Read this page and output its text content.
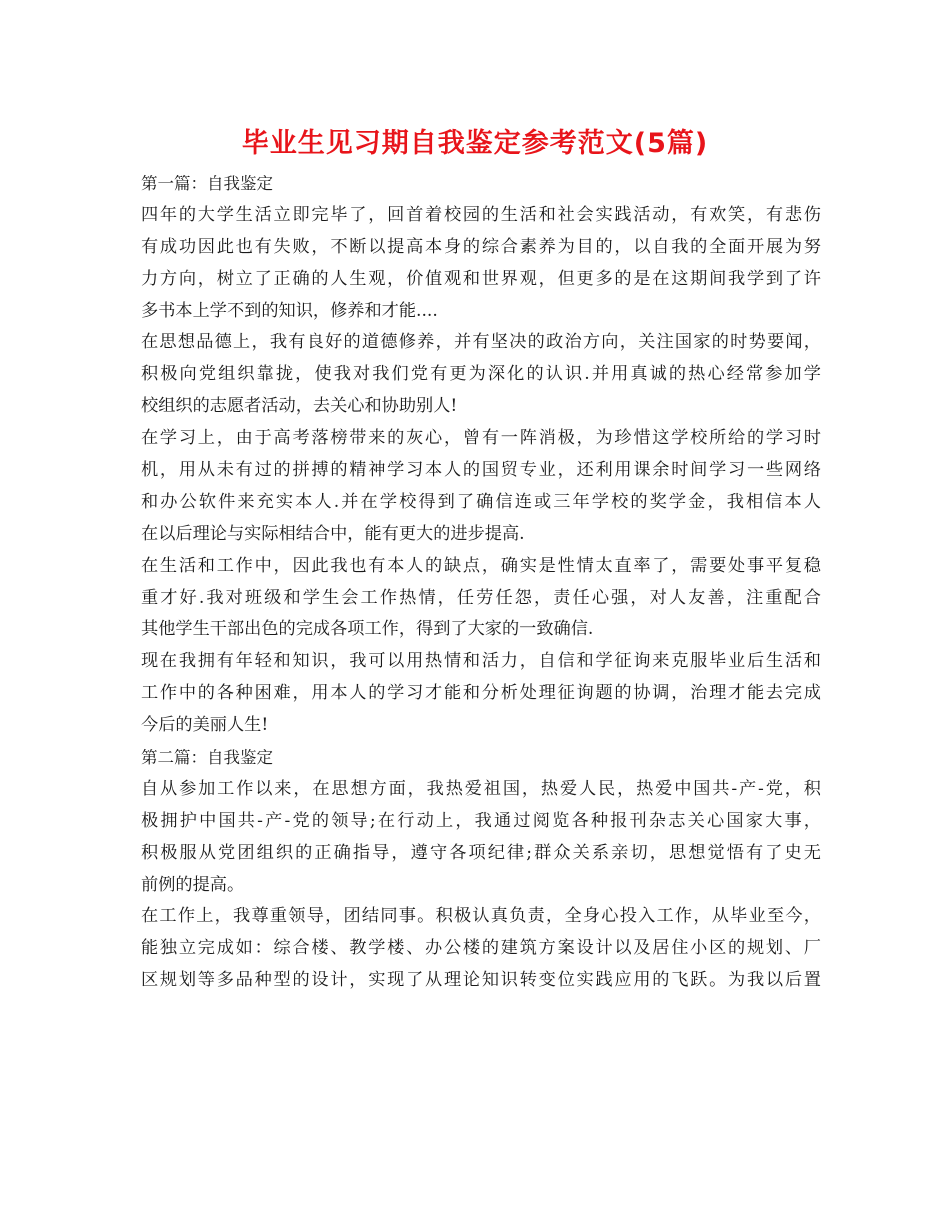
毕业生见习期自我鉴定参考范文(5篇)
第一篇：自我鉴定
四年的大学生活立即完毕了，回首着校园的生活和社会实践活动，有欢笑，有悲伤
有成功因此也有失败，不断以提高本身的综合素养为目的，以自我的全面开展为努
力方向，树立了正确的人生观，价值观和世界观，但更多的是在这期间我学到了许
多书本上学不到的知识，修养和才能....
在思想品德上，我有良好的道德修养，并有坚决的政治方向，关注国家的时势要闻，
积极向党组织靠拢，使我对我们党有更为深化的认识.并用真诚的热心经常参加学
校组织的志愿者活动，去关心和协助别人!
在学习上，由于高考落榜带来的灰心，曾有一阵消极，为珍惜这学校所给的学习时
机，用从未有过的拼搏的精神学习本人的国贸专业，还利用课余时间学习一些网络
和办公软件来充实本人.并在学校得到了确信连或三年学校的奖学金，我相信本人
在以后理论与实际相结合中，能有更大的进步提高.
在生活和工作中，因此我也有本人的缺点，确实是性情太直率了，需要处事平复稳
重才好.我对班级和学生会工作热情，任劳任怨，责任心强，对人友善，注重配合
其他学生干部出色的完成各项工作，得到了大家的一致确信.
现在我拥有年轻和知识，我可以用热情和活力，自信和学征询来克服毕业后生活和
工作中的各种困难，用本人的学习才能和分析处理征询题的协调，治理才能去完成
今后的美丽人生!
第二篇：自我鉴定
自从参加工作以来，在思想方面，我热爱祖国，热爱人民，热爱中国共-产-党，积
极拥护中国共-产-党的领导;在行动上，我通过阅览各种报刊杂志关心国家大事，
积极服从党团组织的正确指导，遵守各项纪律;群众关系亲切，思想觉悟有了史无
前例的提高。
在工作上，我尊重领导，团结同事。积极认真负责，全身心投入工作，从毕业至今，
能独立完成如：综合楼、教学楼、办公楼的建筑方案设计以及居住小区的规划、厂
区规划等多品种型的设计，实现了从理论知识转变位实践应用的飞跃。为我以后置
